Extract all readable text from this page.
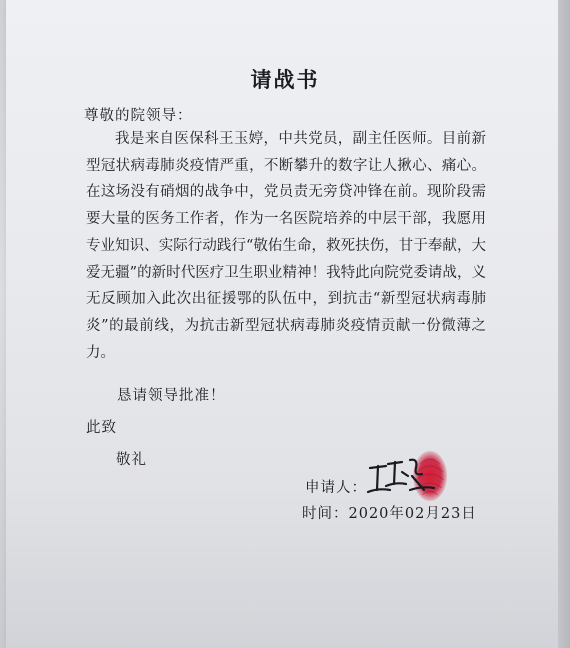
请战书
尊敬的院领导：

我是来自医保科王玉婷，中共党员，副主任医师。目前新型冠状病毒肺炎疫情严重，不断攀升的数字让人揪心、痛心。在这场没有硝烟的战争中，党员责无旁贷冲锋在前。现阶段需要大量的医务工作者，作为一名医院培养的中层干部，我愿用专业知识、实际行动践行“敬佑生命，救死扶伤，甘于奉献，大爱无疆”的新时代医疗卫生职业精神！我特此向院党委请战，义无反顾加入此次出征援鄂的队伍中，到抗击“新型冠状病毒肺炎”的最前线，为抗击新型冠状病毒肺炎疫情贡献一份微薄之力。

恳请领导批准！
此致
敬礼
申请人：
时间：2020年02月23日
